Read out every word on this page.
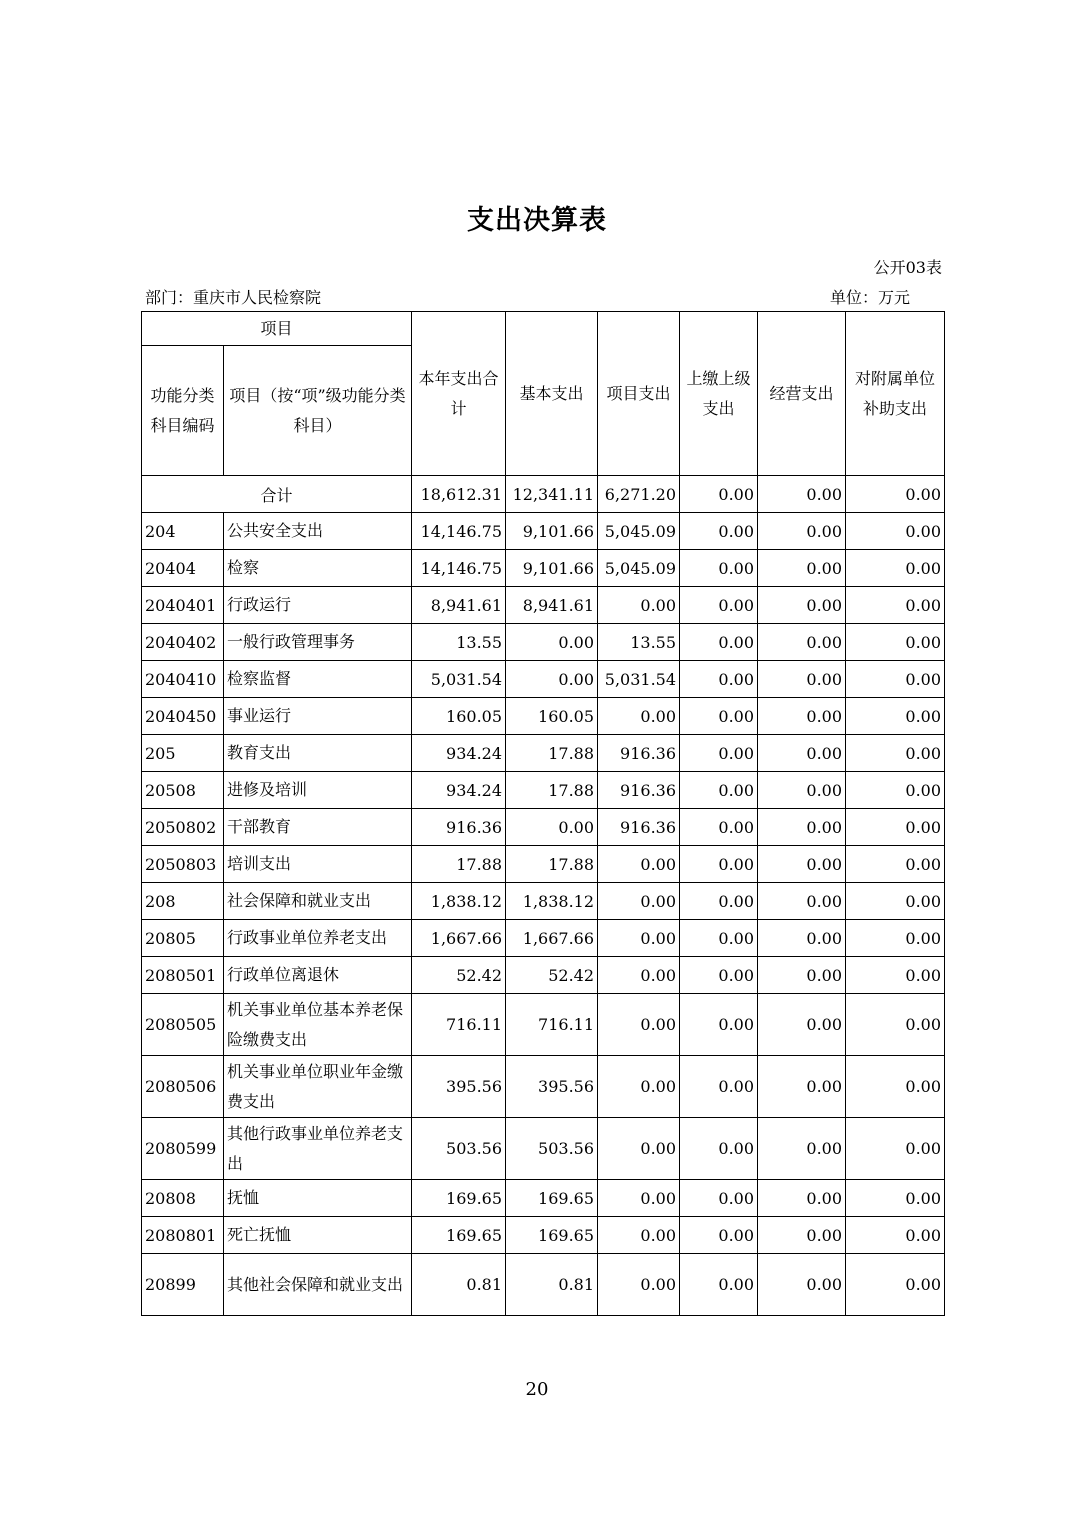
支出决算表
公开03表
部门：重庆市人民检察院	单位：万元
项目		本年支出合计	基本支出	项目支出	上缴上级支出	经营支出	对附属单位补助支出
功能分类科目编码	项目（按“项”级功能分类科目）						
合计		18,612.31	12,341.11	6,271.20	0.00	0.00	0.00
204	公共安全支出	14,146.75	9,101.66	5,045.09	0.00	0.00	0.00
20404	检察	14,146.75	9,101.66	5,045.09	0.00	0.00	0.00
2040401	行政运行	8,941.61	8,941.61	0.00	0.00	0.00	0.00
2040402	一般行政管理事务	13.55	0.00	13.55	0.00	0.00	0.00
2040410	检察监督	5,031.54	0.00	5,031.54	0.00	0.00	0.00
2040450	事业运行	160.05	160.05	0.00	0.00	0.00	0.00
205	教育支出	934.24	17.88	916.36	0.00	0.00	0.00
20508	进修及培训	934.24	17.88	916.36	0.00	0.00	0.00
2050802	干部教育	916.36	0.00	916.36	0.00	0.00	0.00
2050803	培训支出	17.88	17.88	0.00	0.00	0.00	0.00
208	社会保障和就业支出	1,838.12	1,838.12	0.00	0.00	0.00	0.00
20805	行政事业单位养老支出	1,667.66	1,667.66	0.00	0.00	0.00	0.00
2080501	行政单位离退休	52.42	52.42	0.00	0.00	0.00	0.00
2080505	机关事业单位基本养老保险缴费支出	716.11	716.11	0.00	0.00	0.00	0.00
2080506	机关事业单位职业年金缴费支出	395.56	395.56	0.00	0.00	0.00	0.00
2080599	其他行政事业单位养老支出	503.56	503.56	0.00	0.00	0.00	0.00
20808	抚恤	169.65	169.65	0.00	0.00	0.00	0.00
2080801	死亡抚恤	169.65	169.65	0.00	0.00	0.00	0.00
20899	其他社会保障和就业支出	0.81	0.81	0.00	0.00	0.00	0.00
20
